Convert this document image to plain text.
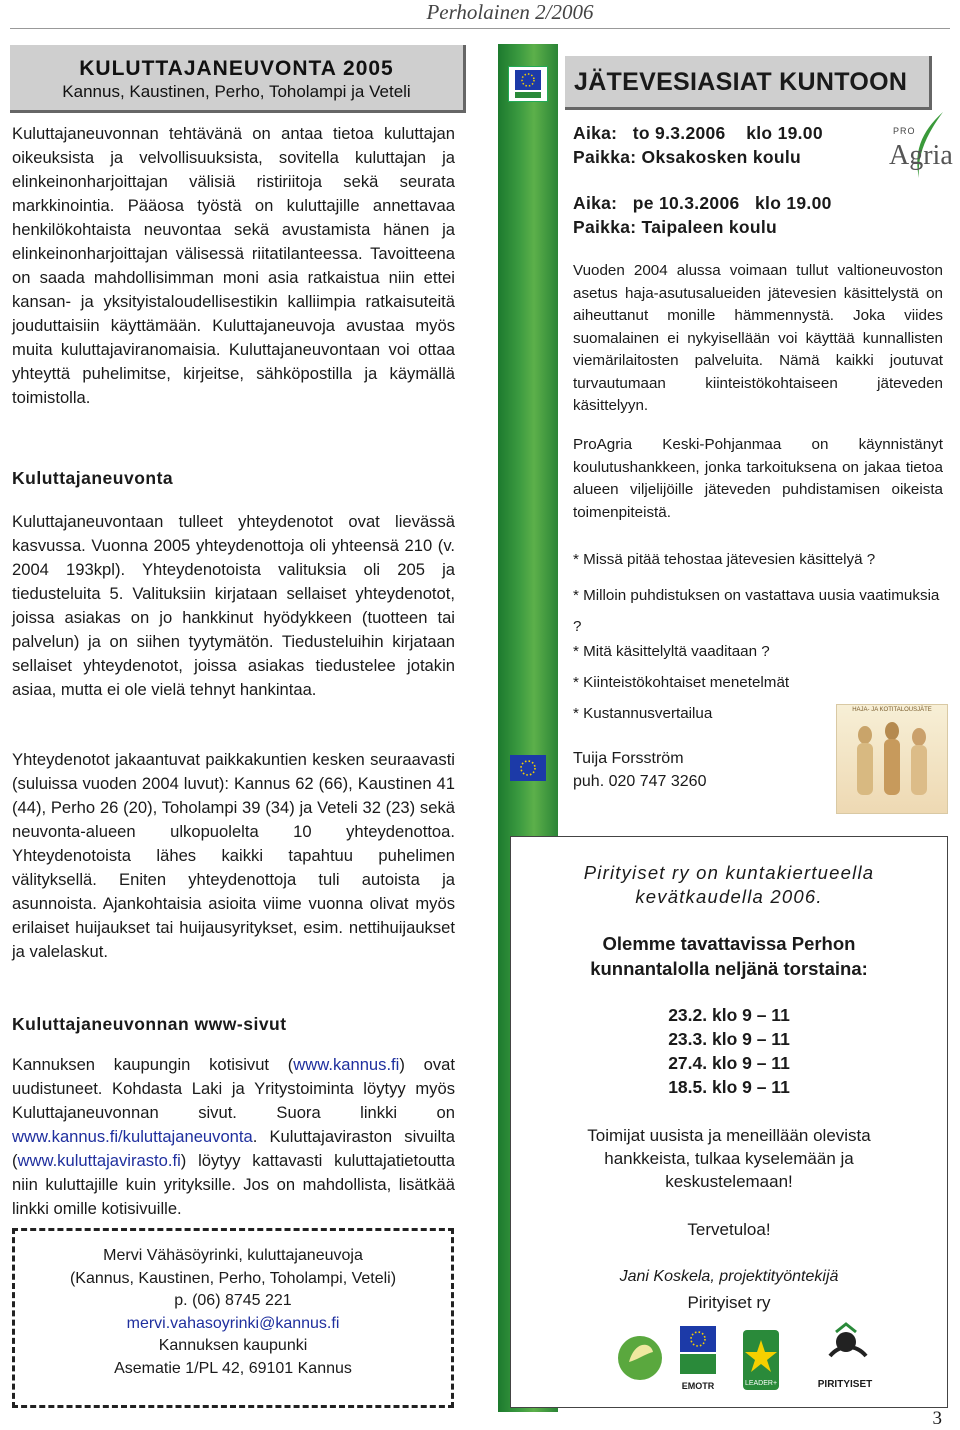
Perholainen 2/2006
KULUTTAJANEUVONTA 2005
Kannus, Kaustinen, Perho, Toholampi ja Veteli

Kuluttajaneuvonnan tehtävänä on antaa tietoa kuluttajan oikeuksista ja velvollisuuksista, sovitella kuluttajan ja elinkeinonharjoittajan välisiä ristiriitoja sekä seurata markkinointia. Pääosa työstä on kuluttajille annettavaa henkilökohtaista neuvontaa sekä avustamista hänen ja elinkeinonharjoittajan välisessä riitatilanteessa. Tavoitteena on saada mahdollisimman moni asia ratkaistua niin ettei kansan- ja yksityistaloudellisestikin kalliimpia ratkaisuteitä jouduttaisiin käyttämään. Kuluttajaneuvoja avustaa myös muita kuluttajaviranomaisia. Kuluttajaneuvontaan voi ottaa yhteyttä puhelimitse, kirjeitse, sähköpostilla ja käymällä toimistolla.

Kuluttajaneuvonta

Kuluttajaneuvontaan tulleet yhteydenotot ovat lievässä kasvussa. Vuonna 2005 yhteydenottoja oli yhteensä 210 (v. 2004 193kpl). Yhteydenotoista valituksia oli 205 ja tiedusteluita 5. Valituksiin kirjataan sellaiset yhteydenotot, joissa asiakas on jo hankkinut hyödykkeen (tuotteen tai palvelun) ja on siihen tyytymätön. Tiedusteluihin kirjataan sellaiset yhteydenotot, joissa asiakas tiedustelee jotakin asiaa, mutta ei ole vielä tehnyt hankintaa.

Yhteydenotot jakaantuvat paikkakuntien kesken seuraavasti (suluissa vuoden 2004 luvut): Kannus 62 (66), Kaustinen 41 (44), Perho 26 (20), Toholampi 39 (34) ja Veteli 32 (23) sekä neuvonta-alueen ulkopuolelta 10 yhteydenottoa. Yhteydenotoista lähes kaikki tapahtuu puhelimen välityksellä. Eniten yhteydenottoja tuli autoista ja asunnoista. Ajankohtaisia asioita viime vuonna olivat myös erilaiset huijaukset tai huijausyritykset, esim. nettihuijaukset ja valelaskut.

Kuluttajaneuvonnan www-sivut

Kannuksen kaupungin kotisivut (www.kannus.fi) ovat uudistuneet. Kohdasta Laki ja Yritystoiminta löytyy myös Kuluttajaneuvonnan sivut. Suora linkki on www.kannus.fi/kuluttajaneuvonta. Kuluttajaviraston sivuilta (www.kuluttajavirasto.fi) löytyy kattavasti kuluttajatietoutta niin kuluttajille kuin yrityksille. Jos on mahdollista, lisätkää linkki omille kotisivuille.

Mervi Vähäsöyrinki, kuluttajaneuvoja
(Kannus, Kaustinen, Perho, Toholampi, Veteli)
p. (06) 8745 221
mervi.vahasoyrinki@kannus.fi
Kannuksen kaupunki
Asematie 1/PL 42, 69101 Kannus
JÄTEVESIASIAT KUNTOON
Aika:   to 9.3.2006    klo 19.00
Paikka: Oksakosken koulu
Aika:   pe 10.3.2006   klo 19.00
Paikka: Taipaleen koulu
PRO
Agria

Vuoden 2004 alussa voimaan tullut valtioneuvoston asetus haja-asutusalueiden jätevesien käsittelystä on aiheuttanut monille hämmennystä. Joka viides suomalainen ei nykyisellään voi käyttää kunnallisten viemärilaitosten palveluita. Nämä kaikki joutuvat turvautumaan kiinteistökohtaiseen jäteveden käsittelyyn.

ProAgria Keski-Pohjanmaa on käynnistänyt koulutushankkeen, jonka tarkoituksena on jakaa tietoa alueen viljelijöille jäteveden puhdistamisen oikeista toimenpiteistä.

* Missä pitää tehostaa jätevesien käsittelyä ?
* Milloin puhdistuksen on vastattava uusia vaatimuksia ?
* Mitä käsittelyltä vaaditaan ?
* Kiinteistökohtaiset menetelmät
* Kustannusvertailua	HAJA- JA KOTITALOUSJÄTE
Tuija Forsström
puh. 020 747 3260
Pirityiset ry on kuntakiertueella
kevätkaudella 2006.
Olemme tavattavissa Perhon
kunnantalolla neljänä torstaina:
23.2. klo 9 – 11
23.3. klo 9 – 11
27.4. klo 9 – 11
18.5. klo 9 – 11
Toimijat uusista ja meneillään olevista
hankkeista, tulkaa kyselemään ja
keskustelemaan!
Tervetuloa!
Jani Koskela, projektityöntekijä
Pirityiset ry
EMOTR	LEADER+	PIRITYISET
3
